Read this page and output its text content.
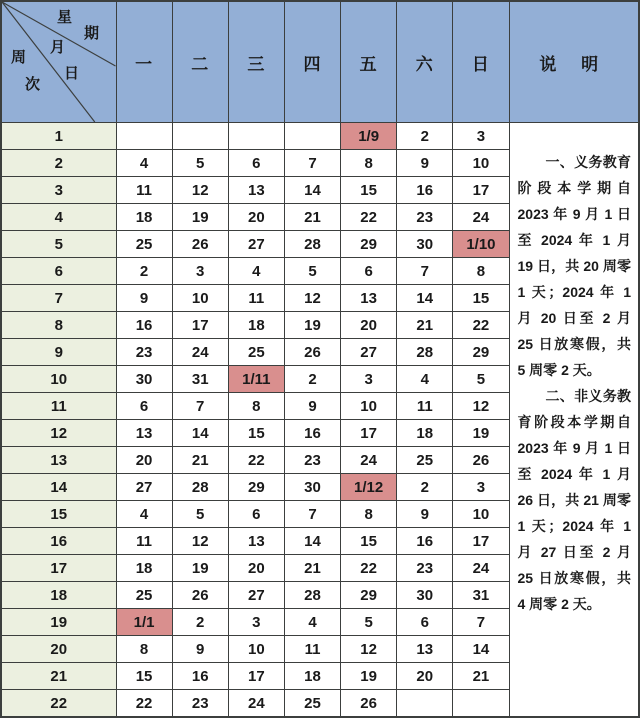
星
期
月
日
周
次
	一	二	三	四	五	六	日	说 明
1					1/9	2	3	一、义务教育阶段本学期自 2023 年 9 月 1 日至 2024 年 1 月 19 日，共 20 周零 1 天；2024 年 1 月 20 日至 2 月 25 日放寒假，共 5 周零 2 天。

二、非义务教育阶段本学期自 2023 年 9 月 1 日至 2024 年 1 月 26 日，共 21 周零 1 天；2024 年 1 月 27 日至 2 月 25 日放寒假，共 4 周零 2 天。

2	4	5	6	7	8	9	10	
3	11	12	13	14	15	16	17	
4	18	19	20	21	22	23	24	
5	25	26	27	28	29	30	1/10	
6	2	3	4	5	6	7	8	
7	9	10	11	12	13	14	15	
8	16	17	18	19	20	21	22	
9	23	24	25	26	27	28	29	
10	30	31	1/11	2	3	4	5	
11	6	7	8	9	10	11	12	
12	13	14	15	16	17	18	19	
13	20	21	22	23	24	25	26	
14	27	28	29	30	1/12	2	3	
15	4	5	6	7	8	9	10	
16	11	12	13	14	15	16	17	
17	18	19	20	21	22	23	24	
18	25	26	27	28	29	30	31	
19	1/1	2	3	4	5	6	7	
20	8	9	10	11	12	13	14	
21	15	16	17	18	19	20	21	
22	22	23	24	25	26			
